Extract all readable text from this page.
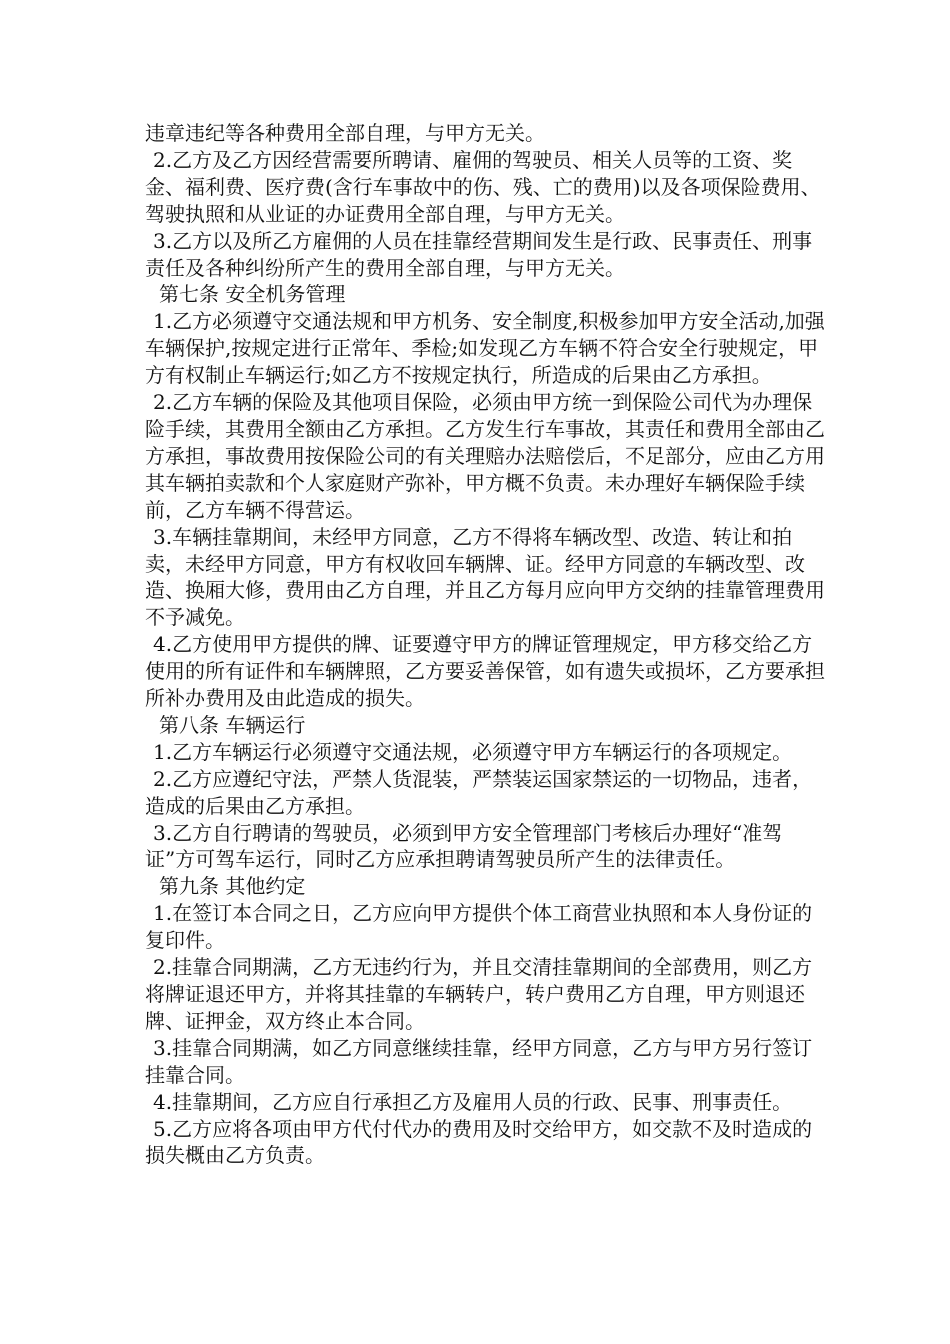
违章违纪等各种费用全部自理，与甲方无关。

2.乙方及乙方因经营需要所聘请、雇佣的驾驶员、相关人员等的工资、奖金、福利费、医疗费(含行车事故中的伤、残、亡的费用)以及各项保险费用、驾驶执照和从业证的办证费用全部自理，与甲方无关。

3.乙方以及所乙方雇佣的人员在挂靠经营期间发生是行政、民事责任、刑事责任及各种纠纷所产生的费用全部自理，与甲方无关。

第七条 安全机务管理

1.乙方必须遵守交通法规和甲方机务、安全制度,积极参加甲方安全活动,加强车辆保护,按规定进行正常年、季检;如发现乙方车辆不符合安全行驶规定，甲方有权制止车辆运行;如乙方不按规定执行，所造成的后果由乙方承担。

2.乙方车辆的保险及其他项目保险，必须由甲方统一到保险公司代为办理保险手续，其费用全额由乙方承担。乙方发生行车事故，其责任和费用全部由乙方承担，事故费用按保险公司的有关理赔办法赔偿后，不足部分，应由乙方用其车辆拍卖款和个人家庭财产弥补，甲方概不负责。未办理好车辆保险手续前，乙方车辆不得营运。

3.车辆挂靠期间，未经甲方同意，乙方不得将车辆改型、改造、转让和拍卖，未经甲方同意，甲方有权收回车辆牌、证。经甲方同意的车辆改型、改造、换厢大修，费用由乙方自理，并且乙方每月应向甲方交纳的挂靠管理费用不予减免。

4.乙方使用甲方提供的牌、证要遵守甲方的牌证管理规定，甲方移交给乙方使用的所有证件和车辆牌照，乙方要妥善保管，如有遗失或损坏，乙方要承担所补办费用及由此造成的损失。

第八条 车辆运行

1.乙方车辆运行必须遵守交通法规，必须遵守甲方车辆运行的各项规定。

2.乙方应遵纪守法，严禁人货混装，严禁装运国家禁运的一切物品，违者，造成的后果由乙方承担。

3.乙方自行聘请的驾驶员，必须到甲方安全管理部门考核后办理好“准驾证”方可驾车运行，同时乙方应承担聘请驾驶员所产生的法律责任。

第九条 其他约定

1.在签订本合同之日，乙方应向甲方提供个体工商营业执照和本人身份证的复印件。

2.挂靠合同期满，乙方无违约行为，并且交清挂靠期间的全部费用，则乙方将牌证退还甲方，并将其挂靠的车辆转户，转户费用乙方自理，甲方则退还牌、证押金，双方终止本合同。

3.挂靠合同期满，如乙方同意继续挂靠，经甲方同意，乙方与甲方另行签订挂靠合同。

4.挂靠期间，乙方应自行承担乙方及雇用人员的行政、民事、刑事责任。

5.乙方应将各项由甲方代付代办的费用及时交给甲方，如交款不及时造成的损失概由乙方负责。
